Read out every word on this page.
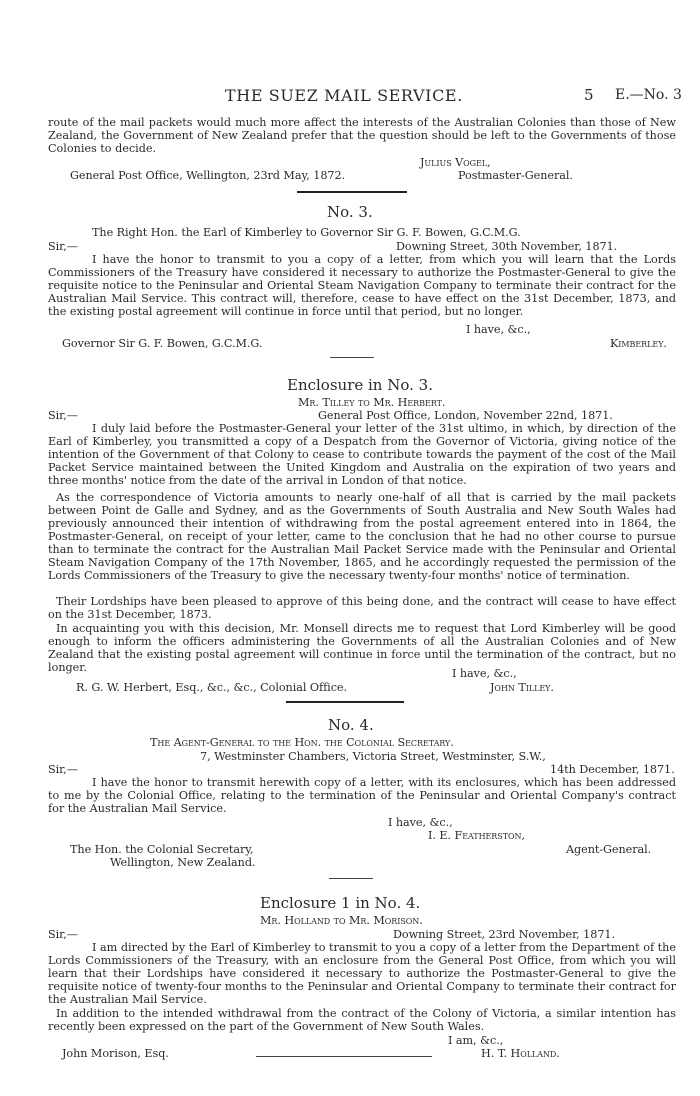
THE SUEZ MAIL SERVICE.	5 E.—No. 3
route of the mail packets would much more affect the interests of the Australian Colonies than those of New Zealand, the Government of New Zealand prefer that the question should be left to the Governments of those Colonies to decide.
Julius Vogel,
General Post Office, Wellington, 23rd May, 1872.	Postmaster-General.
No. 3.
The Right Hon. the Earl of Kimberley to Governor Sir G. F. Bowen, G.C.M.G.
Sir,—	Downing Street, 30th November, 1871.
I have the honor to transmit to you a copy of a letter, from which you will learn that the Lords Commissioners of the Treasury have considered it necessary to authorize the Postmaster-General to give the requisite notice to the Peninsular and Oriental Steam Navigation Company to terminate their contract for the Australian Mail Service. This contract will, therefore, cease to have effect on the 31st December, 1873, and the existing postal agreement will continue in force until that period, but no longer.
I have, &c.,
Governor Sir G. F. Bowen, G.C.M.G.	Kimberley.
Enclosure in No. 3.
Mr. Tilley to Mr. Herbert.
Sir,—	General Post Office, London, November 22nd, 1871.
I duly laid before the Postmaster-General your letter of the 31st ultimo, in which, by direction of the Earl of Kimberley, you transmitted a copy of a Despatch from the Governor of Victoria, giving notice of the intention of the Government of that Colony to cease to contribute towards the payment of the cost of the Mail Packet Service maintained between the United Kingdom and Australia on the expiration of two years and three months' notice from the date of the arrival in London of that notice.
As the correspondence of Victoria amounts to nearly one-half of all that is carried by the mail packets between Point de Galle and Sydney, and as the Governments of South Australia and New South Wales had previously announced their intention of withdrawing from the postal agreement entered into in 1864, the Postmaster-General, on receipt of your letter, came to the conclusion that he had no other course to pursue than to terminate the contract for the Australian Mail Packet Service made with the Peninsular and Oriental Steam Navigation Company of the 17th November, 1865, and he accordingly requested the permission of the Lords Commissioners of the Treasury to give the necessary twenty-four months' notice of termination.
Their Lordships have been pleased to approve of this being done, and the contract will cease to have effect on the 31st December, 1873.
In acquainting you with this decision, Mr. Monsell directs me to request that Lord Kimberley will be good enough to inform the officers administering the Governments of all the Australian Colonies and of New Zealand that the existing postal agreement will continue in force until the termination of the contract, but no longer.	I have, &c.,
R. G. W. Herbert, Esq., &c., &c., Colonial Office.	John Tilley.
No. 4.
The Agent-General to the Hon. the Colonial Secretary.
7, Westminster Chambers, Victoria Street, Westminster, S.W.,
Sir,—	14th December, 1871.
I have the honor to transmit herewith copy of a letter, with its enclosures, which has been addressed to me by the Colonial Office, relating to the termination of the Peninsular and Oriental Company's contract for the Australian Mail Service.
I have, &c.,
I. E. Featherston,
The Hon. the Colonial Secretary,	Agent-General.
Wellington, New Zealand.
Enclosure 1 in No. 4.
Mr. Holland to Mr. Morison.
Sir,—	Downing Street, 23rd November, 1871.
I am directed by the Earl of Kimberley to transmit to you a copy of a letter from the Department of the Lords Commissioners of the Treasury, with an enclosure from the General Post Office, from which you will learn that their Lordships have considered it necessary to authorize the Postmaster-General to give the requisite notice of twenty-four months to the Peninsular and Oriental Company to terminate their contract for the Australian Mail Service.
In addition to the intended withdrawal from the contract of the Colony of Victoria, a similar intention has recently been expressed on the part of the Government of New South Wales.
I am, &c.,
John Morison, Esq.	H. T. Holland.
